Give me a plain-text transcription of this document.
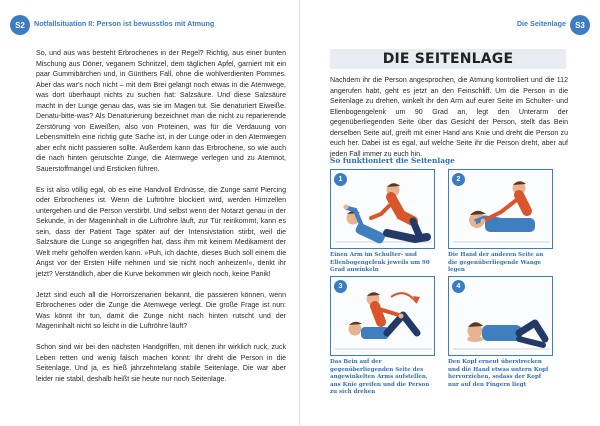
S2	Notfallsituation II: Person ist bewusstlos mit Atmung

So, und aus was besteht Erbrochenes in der Regel? Richtig, aus einer bunten Mischung aus Döner, veganem Schnitzel, dem täglichen Apfel, garniert mit ein paar Gummibärchen und, in Günthers Fall, ohne die wohlverdienten Pommes. Aber das war's noch nicht – mit dem Brei gelangt noch etwas in die Atemwege, was dort überhaupt nichts zu suchen hat: Salzsäure. Und diese Salzsäure macht in der Lunge genau das, was sie im Magen tut. Sie denaturiert Eiweiße. Denatu-bitte-was? Als Denaturierung bezeichnet man die nicht zu reparierende Zerstörung von Eiweißen, also von Proteinen, was für die Verdauung von Lebensmitteln eine richtig gute Sache ist, in der Lunge oder in den Atemwegen aber echt nicht passieren sollte. Außerdem kann das Erbrochene, so wie auch die nach hinten gerutschte Zunge, die Atemwege verlegen und zu Atemnot, Sauerstoffmangel und Ersticken führen.

Es ist also völlig egal, ob es eine Handvoll Erdnüsse, die Zunge samt Piercing oder Erbrochenes ist. Wenn die Luftröhre blockiert wird, werden Hirnzellen untergehen und die Person verstirbt. Und selbst wenn der Notarzt genau in der Sekunde, in der Mageninhalt in die Luftröhre läuft, zur Tür reinkommt, kann es sein, dass der Patient Tage später auf der Intensivstation stirbt, weil die Salzsäure die Lunge so angegriffen hat, dass ihm mit keinem Medikament der Welt mehr geholfen werden kann. »Puh, ich dachte, dieses Buch soll einem die Angst vor der Ersten Hilfe nehmen und sie nicht noch anheizen!«, denkt ihr jetzt? Verständlich, aber die Kurve bekommen wir gleich noch, keine Panik!

Jetzt sind euch all die Horrorszenarien bekannt, die passieren können, wenn Erbrochenes oder die Zunge die Atemwege verlegt. Die große Frage ist nun: Was könnt ihr tun, damit die Zunge nicht nach hinten rutscht und der Mageninhalt nicht so leicht in die Luftröhre läuft?

Schon sind wir bei den nächsten Handgriffen, mit denen ihr wirklich ruck, zuck Leben retten und wenig falsch machen könnt: Ihr dreht die Person in die Seitenlage. Und ja, es hieß jahrzehntelang stabile Seitenlage. Die war aber leider nie stabil, deshalb heißt sie heute nur noch Seitenlage.

Die Seitenlage	S3
DIE SEITENLAGE
Nachdem ihr die Person angesprochen, die Atmung kontrolliert und die 112 angerufen habt, geht es jetzt an den Feinschliff. Um die Person in die Seitenlage zu drehen, winkelt ihr den Arm auf eurer Seite im Schulter- und Ellenbogengelenk um 90 Grad an, legt den Unterarm der gegenüberliegenden Seite über das Gesicht der Person, stellt das Bein derselben Seite auf, greift mit einer Hand ans Knie und dreht die Person zu euch her. Dabei ist es egal, auf welche Seite ihr die Person dreht, aber auf jeden Fall immer zu euch hin.
So funktioniert die Seitenlage
1
Einen Arm im Schulter- und Ellenbogengelenk jeweils um 90 Grad anwinkeln
2
Die Hand der anderen Seite an die gegenüberliegende Wange legen
3
Das Bein auf der gegenüberliegenden Seite des angewinkelten Arms aufstellen, ans Knie greifen und die Person zu sich drehen
4
Den Kopf erneut überstrecken und die Hand etwas untern Kopf hervorziehen, sodass der Kopf nur auf den Fingern liegt
